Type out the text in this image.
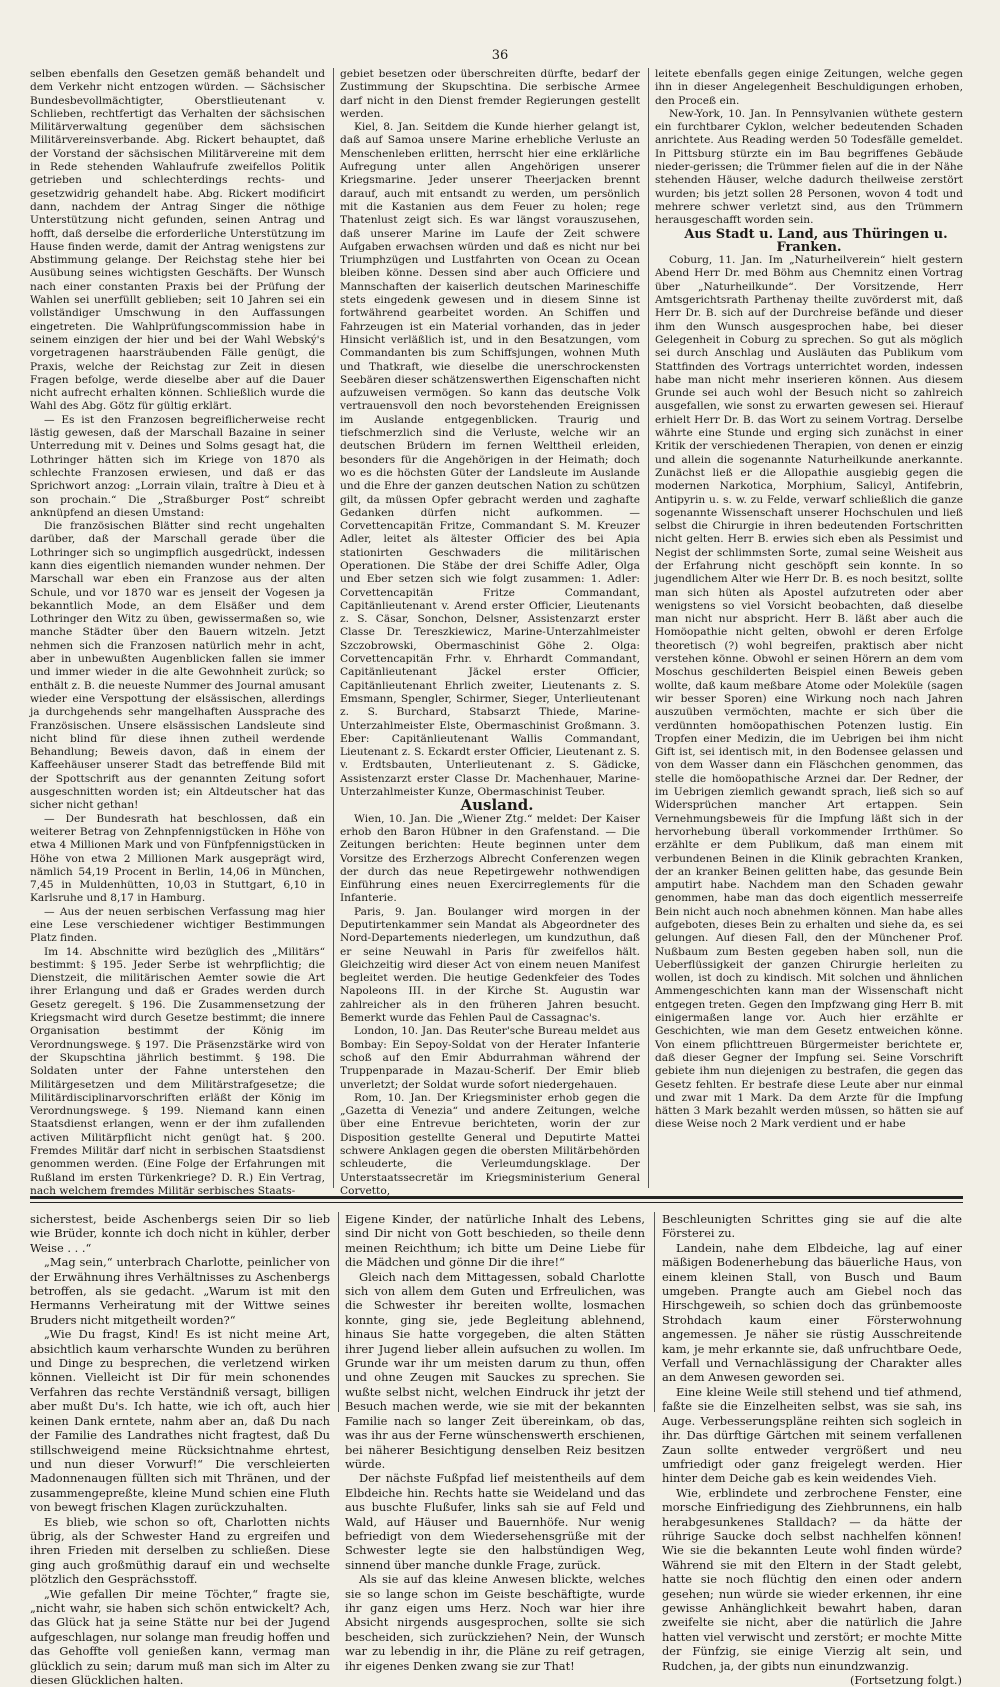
36

selben ebenfalls den Gesetzen gemäß behandelt und dem Verkehr nicht entzogen würden. — Sächsischer Bundesbevollmächtigter, Oberstlieutenant v. Schlieben, rechtfertigt das Verhalten der sächsischen Militärverwaltung gegenüber dem sächsischen Militärvereinsverbande. Abg. Rickert behauptet, daß der Vorstand der sächsischen Militärvereine mit dem in Rede stehenden Wahlaufrufe zweifellos Politik getrieben und schlechterdings rechts- und gesetzwidrig gehandelt habe. Abg. Rickert modificirt dann, nachdem der Antrag Singer die nöthige Unterstützung nicht gefunden, seinen Antrag und hofft, daß derselbe die erforderliche Unterstützung im Hause finden werde, damit der Antrag wenigstens zur Abstimmung gelange. Der Reichstag stehe hier bei Ausübung seines wichtigsten Geschäfts. Der Wunsch nach einer constanten Praxis bei der Prüfung der Wahlen sei unerfüllt geblieben; seit 10 Jahren sei ein vollständiger Umschwung in den Auffassungen eingetreten. Die Wahlprüfungscommission habe in seinem einzigen der hier und bei der Wahl Webský's vorgetragenen haarsträubenden Fälle genügt, die Praxis, welche der Reichstag zur Zeit in diesen Fragen befolge, werde dieselbe aber auf die Dauer nicht aufrecht erhalten können. Schließlich wurde die Wahl des Abg. Götz für gültig erklärt.

— Es ist den Franzosen begreiflicherweise recht lästig gewesen, daß der Marschall Bazaine in seiner Unterredung mit v. Deines und Solms gesagt hat, die Lothringer hätten sich im Kriege von 1870 als schlechte Franzosen erwiesen, und daß er das Sprichwort anzog: „Lorrain vilain, traître à Dieu et à son prochain.“ Die „Straßburger Post“ schreibt anknüpfend an diesen Umstand:

Die französischen Blätter sind recht ungehalten darüber, daß der Marschall gerade über die Lothringer sich so ungimpflich ausgedrückt, indessen kann dies eigentlich niemanden wunder nehmen. Der Marschall war eben ein Franzose aus der alten Schule, und vor 1870 war es jenseit der Vogesen ja bekanntlich Mode, an dem Elsäßer und dem Lothringer den Witz zu üben, gewissermaßen so, wie manche Städter über den Bauern witzeln. Jetzt nehmen sich die Franzosen natürlich mehr in acht, aber in unbewußten Augenblicken fallen sie immer und immer wieder in die alte Gewohnheit zurück; so enthält z. B. die neueste Nummer des Journal amusant wieder eine Verspottung der elsässischen, allerdings ja durchgehends sehr mangelhaften Aussprache des Französischen. Unsere elsässischen Landsleute sind nicht blind für diese ihnen zutheil werdende Behandlung; Beweis davon, daß in einem der Kaffeehäuser unserer Stadt das betreffende Bild mit der Spottschrift aus der genannten Zeitung sofort ausgeschnitten worden ist; ein Altdeutscher hat das sicher nicht gethan!

— Der Bundesrath hat beschlossen, daß ein weiterer Betrag von Zehnpfennigstücken in Höhe von etwa 4 Millionen Mark und von Fünfpfennigstücken in Höhe von etwa 2 Millionen Mark ausgeprägt wird, nämlich 54,19 Procent in Berlin, 14,06 in München, 7,45 in Muldenhütten, 10,03 in Stuttgart, 6,10 in Karlsruhe und 8,17 in Hamburg.

— Aus der neuen serbischen Verfassung mag hier eine Lese verschiedener wichtiger Bestimmungen Platz finden.

Im 14. Abschnitte wird bezüglich des „Militärs“ bestimmt: § 195. Jeder Serbe ist wehrpflichtig; die Dienstzeit, die militärischen Aemter sowie die Art ihrer Erlangung und daß er Grades werden durch Gesetz geregelt. § 196. Die Zusammensetzung der Kriegsmacht wird durch Gesetze bestimmt; die innere Organisation bestimmt der König im Verordnungswege. § 197. Die Präsenzstärke wird von der Skupschtina jährlich bestimmt. § 198. Die Soldaten unter der Fahne unterstehen den Militärgesetzen und dem Militärstrafgesetze; die Militärdisciplinarvorschriften erläßt der König im Verordnungswege. § 199. Niemand kann einen Staatsdienst erlangen, wenn er der ihm zufallenden activen Militärpflicht nicht genügt hat. § 200. Fremdes Militär darf nicht in serbischen Staatsdienst genommen werden. (Eine Folge der Erfahrungen mit Rußland im ersten Türkenkriege? D. R.) Ein Vertrag, nach welchem fremdes Militär serbisches Staats-

gebiet besetzen oder überschreiten dürfte, bedarf der Zustimmung der Skupschtina. Die serbische Armee darf nicht in den Dienst fremder Regierungen gestellt werden.

Kiel, 8. Jan. Seitdem die Kunde hierher gelangt ist, daß auf Samoa unsere Marine erhebliche Verluste an Menschenleben erlitten, herrscht hier eine erklärliche Aufregung unter allen Angehörigen unserer Kriegsmarine. Jeder unserer Theerjacken brennt darauf, auch mit entsandt zu werden, um persönlich mit die Kastanien aus dem Feuer zu holen; rege Thatenlust zeigt sich. Es war längst vorauszusehen, daß unserer Marine im Laufe der Zeit schwere Aufgaben erwachsen würden und daß es nicht nur bei Triumphzügen und Lustfahrten von Ocean zu Ocean bleiben könne. Dessen sind aber auch Officiere und Mannschaften der kaiserlich deutschen Marineschiffe stets eingedenk gewesen und in diesem Sinne ist fortwährend gearbeitet worden. An Schiffen und Fahrzeugen ist ein Material vorhanden, das in jeder Hinsicht verläßlich ist, und in den Besatzungen, vom Commandanten bis zum Schiffsjungen, wohnen Muth und Thatkraft, wie dieselbe die unerschrockensten Seebären dieser schätzenswerthen Eigenschaften nicht aufzuweisen vermögen. So kann das deutsche Volk vertrauensvoll den noch bevorstehenden Ereignissen im Auslande entgegenblicken. Traurig und tiefschmerzlich sind die Verluste, welche wir an deutschen Brüdern im fernen Welttheil erleiden, besonders für die Angehörigen in der Heimath; doch wo es die höchsten Güter der Landsleute im Auslande und die Ehre der ganzen deutschen Nation zu schützen gilt, da müssen Opfer gebracht werden und zaghafte Gedanken dürfen nicht aufkommen. — Corvettencapitän Fritze, Commandant S. M. Kreuzer Adler, leitet als ältester Officier des bei Apia stationirten Geschwaders die militärischen Operationen. Die Stäbe der drei Schiffe Adler, Olga und Eber setzen sich wie folgt zusammen: 1. Adler: Corvettencapitän Fritze Commandant, Capitänlieutenant v. Arend erster Officier, Lieutenants z. S. Cäsar, Sonchon, Delsner, Assistenzarzt erster Classe Dr. Tereszkiewicz, Marine-Unterzahlmeister Szczobrowski, Obermaschinist Göhe 2. Olga: Corvettencapitän Frhr. v. Ehrhardt Commandant, Capitänlieutenant Jäckel erster Officier, Capitänlieutenant Ehrlich zweiter, Lieutenants z. S. Emsmann, Spengler, Schirmer, Sieger, Unterlieutenant z. S. Burchard, Stabsarzt Thiede, Marine-Unterzahlmeister Elste, Obermaschinist Großmann. 3. Eber: Capitänlieutenant Wallis Commandant, Lieutenant z. S. Eckardt erster Officier, Lieutenant z. S. v. Erdtsbauten, Unterlieutenant z. S. Gädicke, Assistenzarzt erster Classe Dr. Machenhauer, Marine-Unterzahlmeister Kunze, Obermaschinist Teuber.

Ausland.

Wien, 10. Jan. Die „Wiener Ztg.“ meldet: Der Kaiser erhob den Baron Hübner in den Grafenstand. — Die Zeitungen berichten: Heute beginnen unter dem Vorsitze des Erzherzogs Albrecht Conferenzen wegen der durch das neue Repetirgewehr nothwendigen Einführung eines neuen Exercirreglements für die Infanterie.

Paris, 9. Jan. Boulanger wird morgen in der Deputirtenkammer sein Mandat als Abgeordneter des Nord-Departements niederlegen, um kundzuthun, daß er seine Neuwahl in Paris für zweifellos hält. Gleichzeitig wird dieser Act von einem neuen Manifest begleitet werden. Die heutige Gedenkfeier des Todes Napoleons III. in der Kirche St. Augustin war zahlreicher als in den früheren Jahren besucht. Bemerkt wurde das Fehlen Paul de Cassagnac's.

London, 10. Jan. Das Reuter'sche Bureau meldet aus Bombay: Ein Sepoy-Soldat von der Herater Infanterie schoß auf den Emir Abdurrahman während der Truppenparade in Mazau-Scherif. Der Emir blieb unverletzt; der Soldat wurde sofort niedergehauen.

Rom, 10. Jan. Der Kriegsminister erhob gegen die „Gazetta di Venezia“ und andere Zeitungen, welche über eine Entrevue berichteten, worin der zur Disposition gestellte General und Deputirte Mattei schwere Anklagen gegen die obersten Militärbehörden schleuderte, die Verleumdungsklage. Der Unterstaatssecretär im Kriegsministerium General Corvetto,

leitete ebenfalls gegen einige Zeitungen, welche gegen ihn in dieser Angelegenheit Beschuldigungen erhoben, den Proceß ein.

New-York, 10. Jan. In Pennsylvanien wüthete gestern ein furchtbarer Cyklon, welcher bedeutenden Schaden anrichtete. Aus Reading werden 50 Todesfälle gemeldet. In Pittsburg stürzte ein im Bau begriffenes Gebäude nieder-gerissen; die Trümmer fielen auf die in der Nähe stehenden Häuser, welche dadurch theilweise zerstört wurden; bis jetzt sollen 28 Personen, wovon 4 todt und mehrere schwer verletzt sind, aus den Trümmern herausgeschafft worden sein.

Aus Stadt u. Land, aus Thüringen u. Franken.

Coburg, 11. Jan. Im „Naturheilverein“ hielt gestern Abend Herr Dr. med Böhm aus Chemnitz einen Vortrag über „Naturheilkunde“. Der Vorsitzende, Herr Amtsgerichtsrath Parthenay theilte zuvörderst mit, daß Herr Dr. B. sich auf der Durchreise befände und dieser ihm den Wunsch ausgesprochen habe, bei dieser Gelegenheit in Coburg zu sprechen. So gut als möglich sei durch Anschlag und Ausläuten das Publikum vom Stattfinden des Vortrags unterrichtet worden, indessen habe man nicht mehr inserieren können. Aus diesem Grunde sei auch wohl der Besuch nicht so zahlreich ausgefallen, wie sonst zu erwarten gewesen sei. Hierauf erhielt Herr Dr. B. das Wort zu seinem Vortrag. Derselbe währte eine Stunde und erging sich zunächst in einer Kritik der verschiedenen Therapien, von denen er einzig und allein die sogenannte Naturheilkunde anerkannte. Zunächst ließ er die Allopathie ausgiebig gegen die modernen Narkotica, Morphium, Salicyl, Antifebrin, Antipyrin u. s. w. zu Felde, verwarf schließlich die ganze sogenannte Wissenschaft unserer Hochschulen und ließ selbst die Chirurgie in ihren bedeutenden Fortschritten nicht gelten. Herr B. erwies sich eben als Pessimist und Negist der schlimmsten Sorte, zumal seine Weisheit aus der Erfahrung nicht geschöpft sein konnte. In so jugendlichem Alter wie Herr Dr. B. es noch besitzt, sollte man sich hüten als Apostel aufzutreten oder aber wenigstens so viel Vorsicht beobachten, daß dieselbe man nicht nur abspricht. Herr B. läßt aber auch die Homöopathie nicht gelten, obwohl er deren Erfolge theoretisch (?) wohl begreifen, praktisch aber nicht verstehen könne. Obwohl er seinen Hörern an dem vom Moschus geschilderten Beispiel einen Beweis geben wollte, daß kaum meßbare Atome oder Moleküle (sagen wir besser Sporen) eine Wirkung noch nach Jahren auszuüben vermöchten, machte er sich über die verdünnten homöopathischen Potenzen lustig. Ein Tropfen einer Medizin, die im Uebrigen bei ihm nicht Gift ist, sei identisch mit, in den Bodensee gelassen und von dem Wasser dann ein Fläschchen genommen, das stelle die homöopathische Arznei dar. Der Redner, der im Uebrigen ziemlich gewandt sprach, ließ sich so auf Widersprüchen mancher Art ertappen. Sein Vernehmungsbeweis für die Impfung läßt sich in der hervorhebung überall vorkommender Irrthümer. So erzählte er dem Publikum, daß man einem mit verbundenen Beinen in die Klinik gebrachten Kranken, der an kranker Beinen gelitten habe, das gesunde Bein amputirt habe. Nachdem man den Schaden gewahr genommen, habe man das doch eigentlich messerreife Bein nicht auch noch abnehmen können. Man habe alles aufgeboten, dieses Bein zu erhalten und siehe da, es sei gelungen. Auf diesen Fall, den der Münchener Prof. Nußbaum zum Besten gegeben haben soll, nun die Ueberflüssigkeit der ganzen Chirurgie herleiten zu wollen, ist doch zu kindisch. Mit solchen und ähnlichen Ammengeschichten kann man der Wissenschaft nicht entgegen treten. Gegen den Impfzwang ging Herr B. mit einigermaßen lange vor. Auch hier erzählte er Geschichten, wie man dem Gesetz entweichen könne. Von einem pflichttreuen Bürgermeister berichtete er, daß dieser Gegner der Impfung sei. Seine Vorschrift gebiete ihm nun diejenigen zu bestrafen, die gegen das Gesetz fehlten. Er bestrafe diese Leute aber nur einmal und zwar mit 1 Mark. Da dem Arzte für die Impfung hätten 3 Mark bezahlt werden müssen, so hätten sie auf diese Weise noch 2 Mark verdient und er habe

sicherstest, beide Aschenbergs seien Dir so lieb wie Brüder, konnte ich doch nicht in kühler, derber Weise . . .“

„Mag sein,“ unterbrach Charlotte, peinlicher von der Erwähnung ihres Verhältnisses zu Aschenbergs betroffen, als sie gedacht. „Warum ist mit den Hermanns Verheiratung mit der Wittwe seines Bruders nicht mitgetheilt worden?“

„Wie Du fragst, Kind! Es ist nicht meine Art, absichtlich kaum verharschte Wunden zu berühren und Dinge zu besprechen, die verletzend wirken können. Vielleicht ist Dir für mein schonendes Verfahren das rechte Verständniß versagt, billigen aber mußt Du's. Ich hatte, wie ich oft, auch hier keinen Dank erntete, nahm aber an, daß Du nach der Familie des Landrathes nicht fragtest, daß Du stillschweigend meine Rücksichtnahme ehrtest, und nun dieser Vorwurf!“ Die verschleierten Madonnenaugen füllten sich mit Thränen, und der zusammengepreßte, kleine Mund schien eine Fluth von bewegt frischen Klagen zurückzuhalten.

Es blieb, wie schon so oft, Charlotten nichts übrig, als der Schwester Hand zu ergreifen und ihren Frieden mit derselben zu schließen. Diese ging auch großmüthig darauf ein und wechselte plötzlich den Gesprächsstoff.

„Wie gefallen Dir meine Töchter,“ fragte sie, „nicht wahr, sie haben sich schön entwickelt? Ach, das Glück hat ja seine Stätte nur bei der Jugend aufgeschlagen, nur solange man freudig hoffen und das Gehoffte voll genießen kann, vermag man glücklich zu sein; darum muß man sich im Alter zu diesen Glücklichen halten.

Eigene Kinder, der natürliche Inhalt des Lebens, sind Dir nicht von Gott beschieden, so theile denn meinen Reichthum; ich bitte um Deine Liebe für die Mädchen und gönne Dir die ihre!“

Gleich nach dem Mittagessen, sobald Charlotte sich von allem dem Guten und Erfreulichen, was die Schwester ihr bereiten wollte, losmachen konnte, ging sie, jede Begleitung ablehnend, hinaus Sie hatte vorgegeben, die alten Stätten ihrer Jugend lieber allein aufsuchen zu wollen. Im Grunde war ihr um meisten darum zu thun, offen und ohne Zeugen mit Sauckes zu sprechen. Sie wußte selbst nicht, welchen Eindruck ihr jetzt der Besuch machen werde, wie sie mit der bekannten Familie nach so langer Zeit übereinkam, ob das, was ihr aus der Ferne wünschenswerth erschienen, bei näherer Besichtigung denselben Reiz besitzen würde.

Der nächste Fußpfad lief meistentheils auf dem Elbdeiche hin. Rechts hatte sie Weideland und das aus buschte Flußufer, links sah sie auf Feld und Wald, auf Häuser und Bauernhöfe. Nur wenig befriedigt von dem Wiedersehensgrüße mit der Schwester legte sie den halbstündigen Weg, sinnend über manche dunkle Frage, zurück.

Als sie auf das kleine Anwesen blickte, welches sie so lange schon im Geiste beschäftigte, wurde ihr ganz eigen ums Herz. Noch war hier ihre Absicht nirgends ausgesprochen, sollte sie sich bescheiden, sich zurückziehen? Nein, der Wunsch war zu lebendig in ihr, die Pläne zu reif getragen, ihr eigenes Denken zwang sie zur That!

Beschleunigten Schrittes ging sie auf die alte Försterei zu.

Landein, nahe dem Elbdeiche, lag auf einer mäßigen Bodenerhebung das bäuerliche Haus, von einem kleinen Stall, von Busch und Baum umgeben. Prangte auch am Giebel noch das Hirschgeweih, so schien doch das grünbemooste Strohdach kaum einer Försterwohnung angemessen. Je näher sie rüstig Ausschreitende kam, je mehr erkannte sie, daß unfruchtbare Oede, Verfall und Vernachlässigung der Charakter alles an dem Anwesen geworden sei.

Eine kleine Weile still stehend und tief athmend, faßte sie die Einzelheiten selbst, was sie sah, ins Auge. Verbesserungspläne reihten sich sogleich in ihr. Das dürftige Gärtchen mit seinem verfallenen Zaun sollte entweder vergrößert und neu umfriedigt oder ganz freigelegt werden. Hier hinter dem Deiche gab es kein weidendes Vieh.

Wie, erblindete und zerbrochene Fenster, eine morsche Einfriedigung des Ziehbrunnens, ein halb herabgesunkenes Stalldach? — da hätte der rührige Saucke doch selbst nachhelfen können! Wie sie die bekannten Leute wohl finden würde? Während sie mit den Eltern in der Stadt gelebt, hatte sie noch flüchtig den einen oder andern gesehen; nun würde sie wieder erkennen, ihr eine gewisse Anhänglichkeit bewahrt haben, daran zweifelte sie nicht, aber die natürlich die Jahre hatten viel verwischt und zerstört; er mochte Mitte der Fünfzig, sie einige Vierzig alt sein, und Rudchen, ja, der gibts nun einundzwanzig.

(Fortsetzung folgt.)
